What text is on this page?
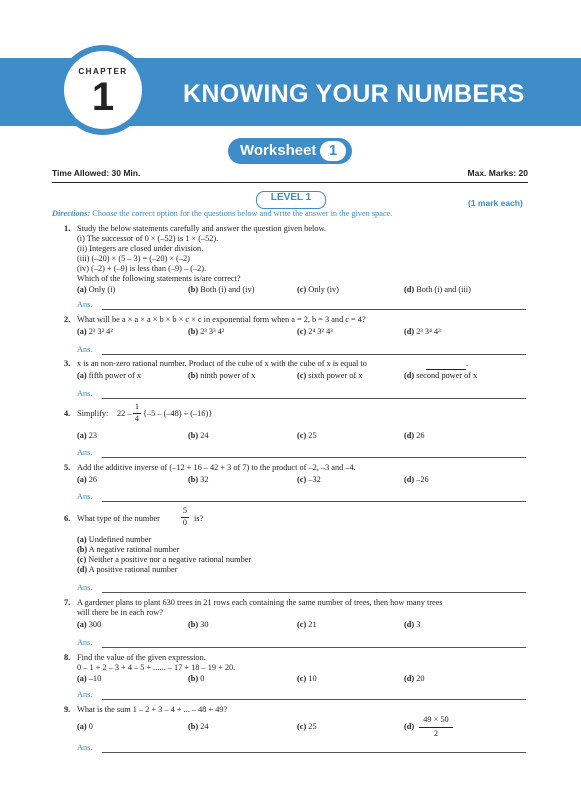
KNOWING YOUR NUMBERS
CHAPTER
1
Worksheet 1
Time Allowed: 30 Min.	Max. Marks: 20
LEVEL 1	(1 mark each)
Directions: Choose the correct option for the questions below and write the answer in the given space.
1. Study the below statements carefully and answer the question given below.
(i) The successor of 0 × (–52) is 1 × (–52).
(ii) Integers are closed under division.
(iii) (–20) × (5 – 3) = (–20) × (–2)
(iv) (–2) + (–9) is less than (–9) – (–2).
Which of the following statements is/are correct?
(a) Only (i)	(b) Both (i) and (iv)	(c) Only (iv)	(d) Both (i) and (iii)
Ans.
2. What will be a × a × a × b × b × c × c in exponential form when a = 2, b = 3 and c = 4?
(a) 2³ 3² 4²	(b) 2³ 3³ 4²	(c) 2⁴ 3² 4³	(d) 2³ 3⁴ 4³
Ans.
3. x is an non-zero rational number. Product of the cube of x with the cube of x is equal to	.
(a) fifth power of x	(b) ninth power of x	(c) sixth power of x	(d) second power of x
Ans.
4. Simplify: 22 –
1
4
{–5 – (–48) ÷ (–16)}
(a) 23	(b) 24	(c) 25	(d) 26
Ans.
5. Add the additive inverse of (–12 + 16 – 42 + 3 of 7) to the product of –2, –3 and –4.
(a) 26	(b) 32	(c) –32	(d) –26
Ans.
6. What type of the number
5
0 is?
(a) Undefined number
(b) A negative rational number
(c) Neither a positive nor a negative rational number
(d) A positive rational number
Ans.
7. A gardener plans to plant 630 trees in 21 rows each containing the same number of trees, then how many trees
will there be in each row?
(a) 300	(b) 30	(c) 21	(d) 3
Ans.
8. Find the value of the given expression.
0 – 1 + 2 – 3 + 4 – 5 + ...... – 17 + 18 – 19 + 20.
(a) –10	(b) 0	(c) 10	(d) 20
Ans.
9. What is the sum 1 – 2 + 3 – 4 + ... – 48 + 49?
(a) 0	(b) 24	(c) 25	(d)
49 × 50
2
Ans.
